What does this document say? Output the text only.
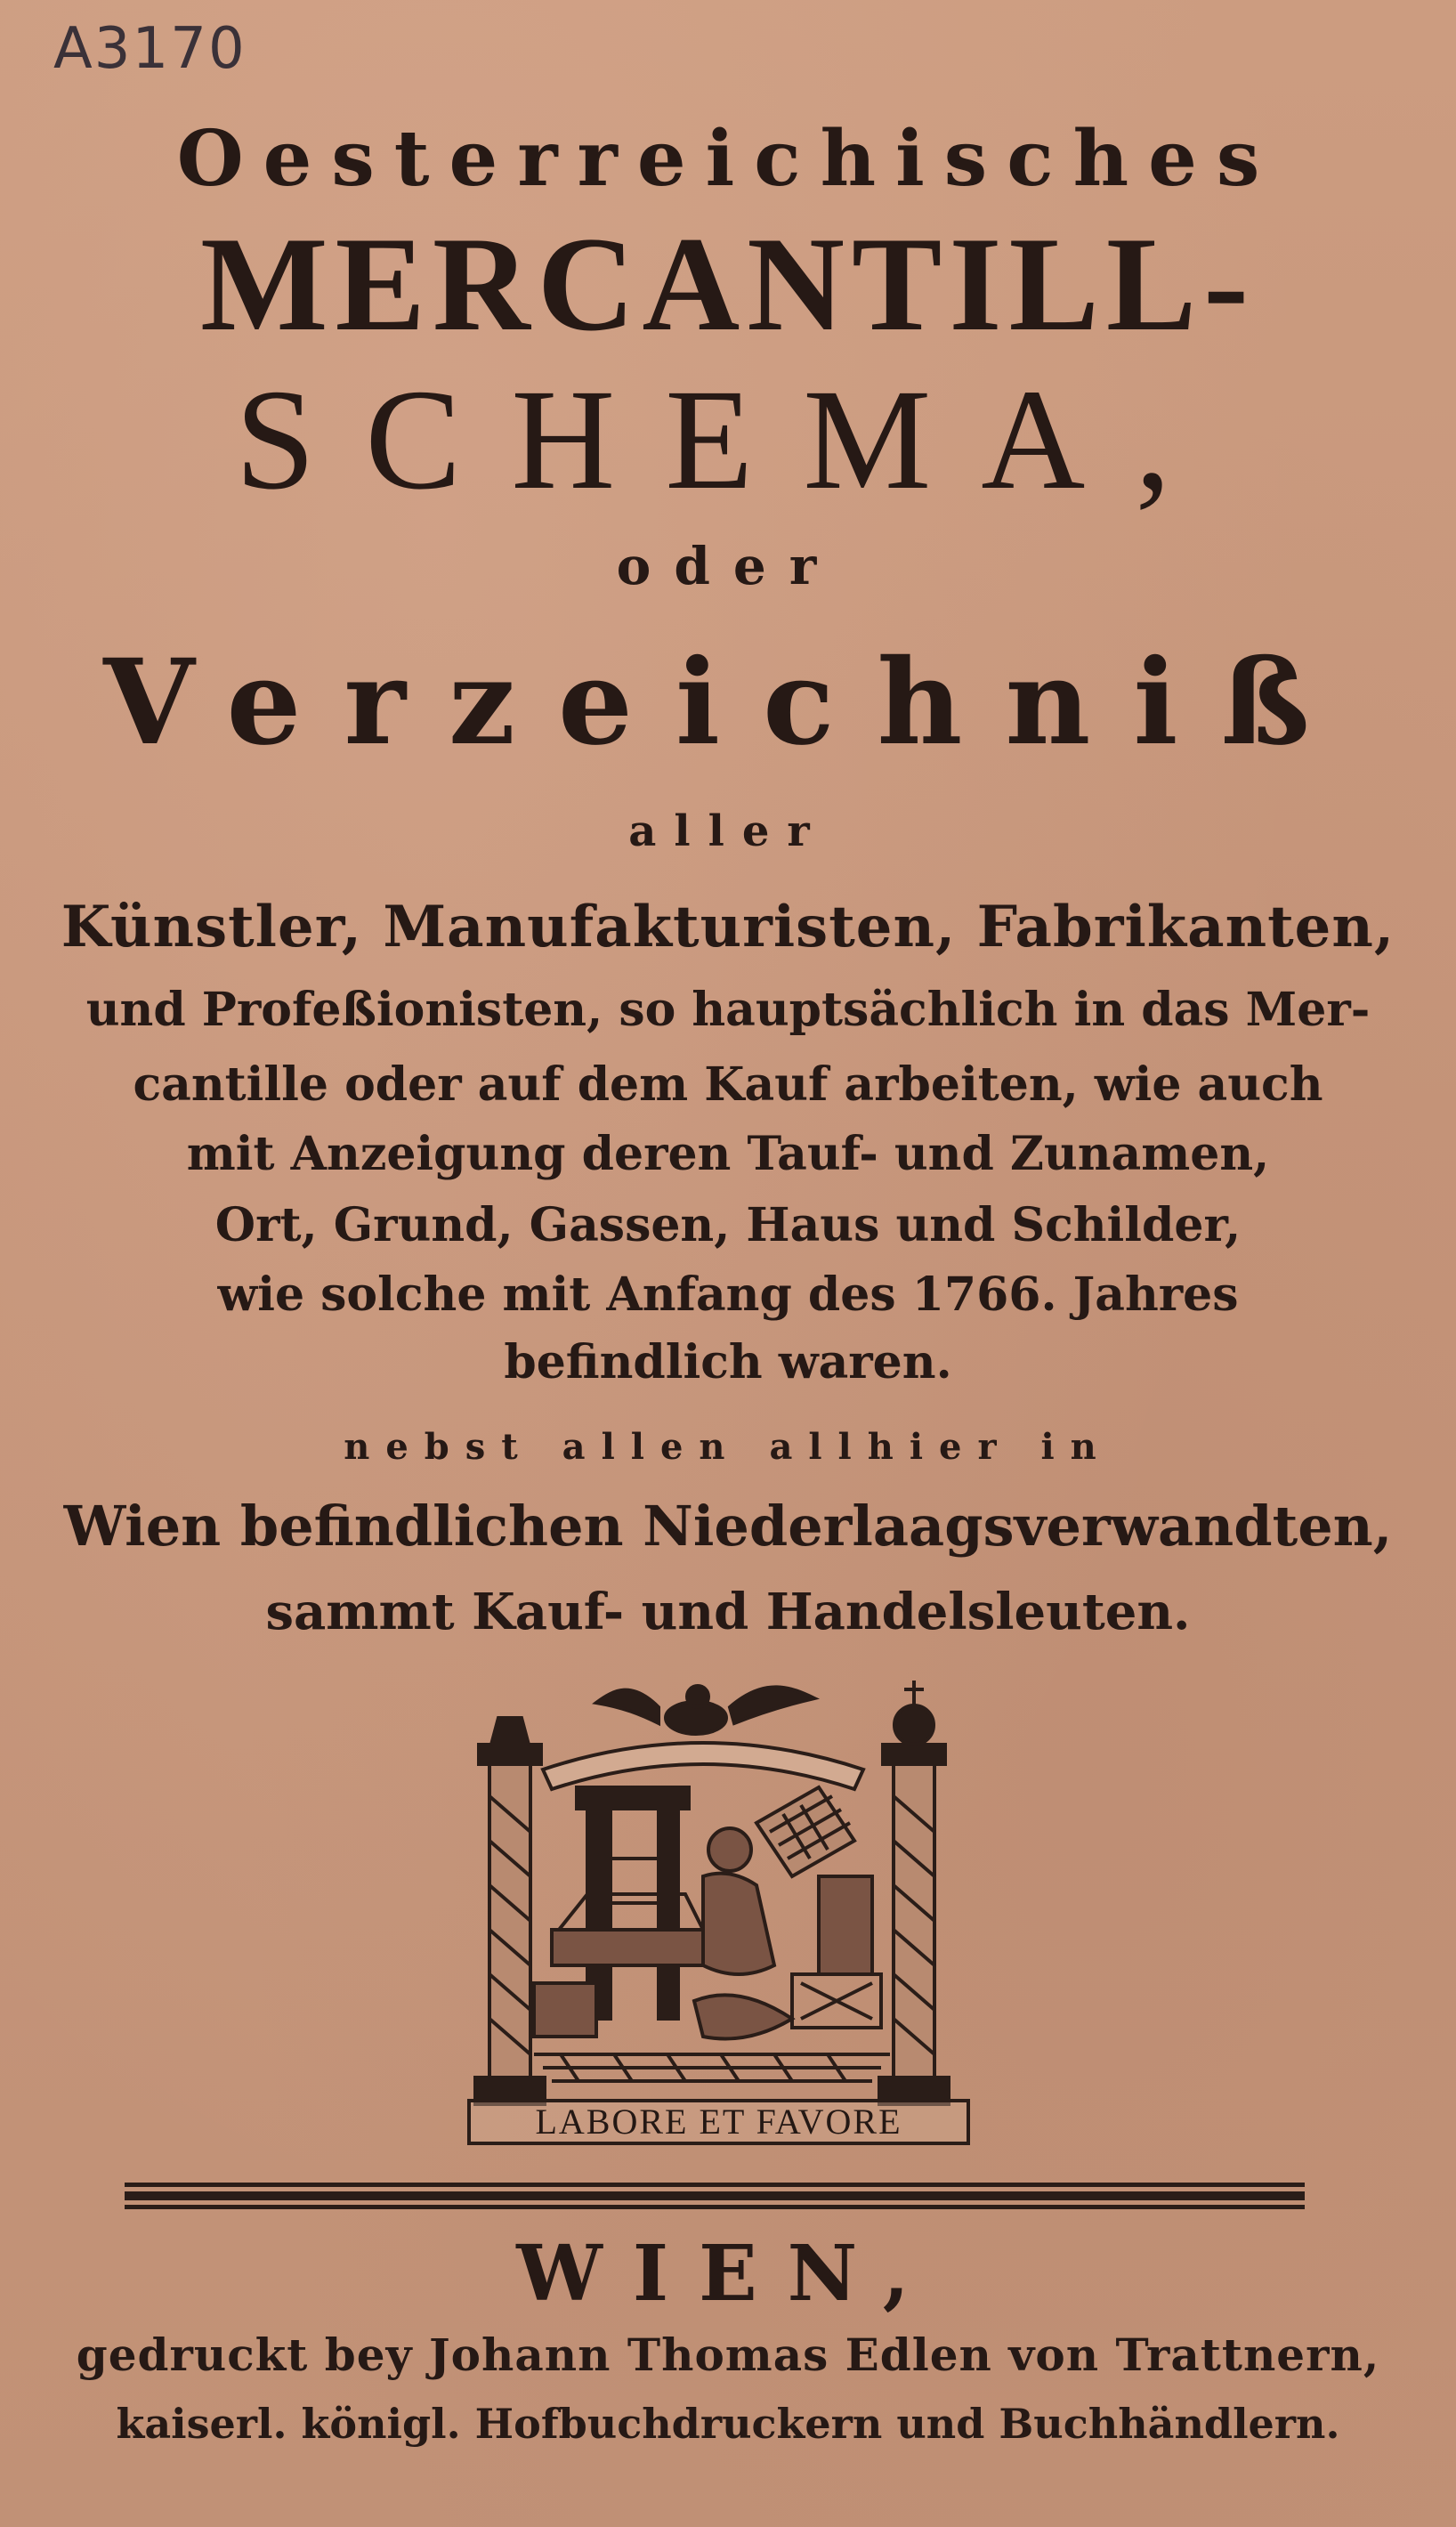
A3170
Oesterreichisches
MERCANTILL-
SCHEMA,
oder
Verzeichniß
aller
Künstler, Manufakturisten, Fabrikanten,
und Profeßionisten, so hauptsächlich in das Mer-
cantille oder auf dem Kauf arbeiten, wie auch
mit Anzeigung deren Tauf- und Zunamen,
Ort, Grund, Gassen, Haus und Schilder,
wie solche mit Anfang des 1766. Jahres
befindlich waren.
nebst allen allhier in
Wien befindlichen Niederlaagsverwandten,
sammt Kauf- und Handelsleuten.
LABORE ET FAVORE
WIEN,
gedruckt bey Johann Thomas Edlen von Trattnern,
kaiserl. königl. Hofbuchdruckern und Buchhändlern.
